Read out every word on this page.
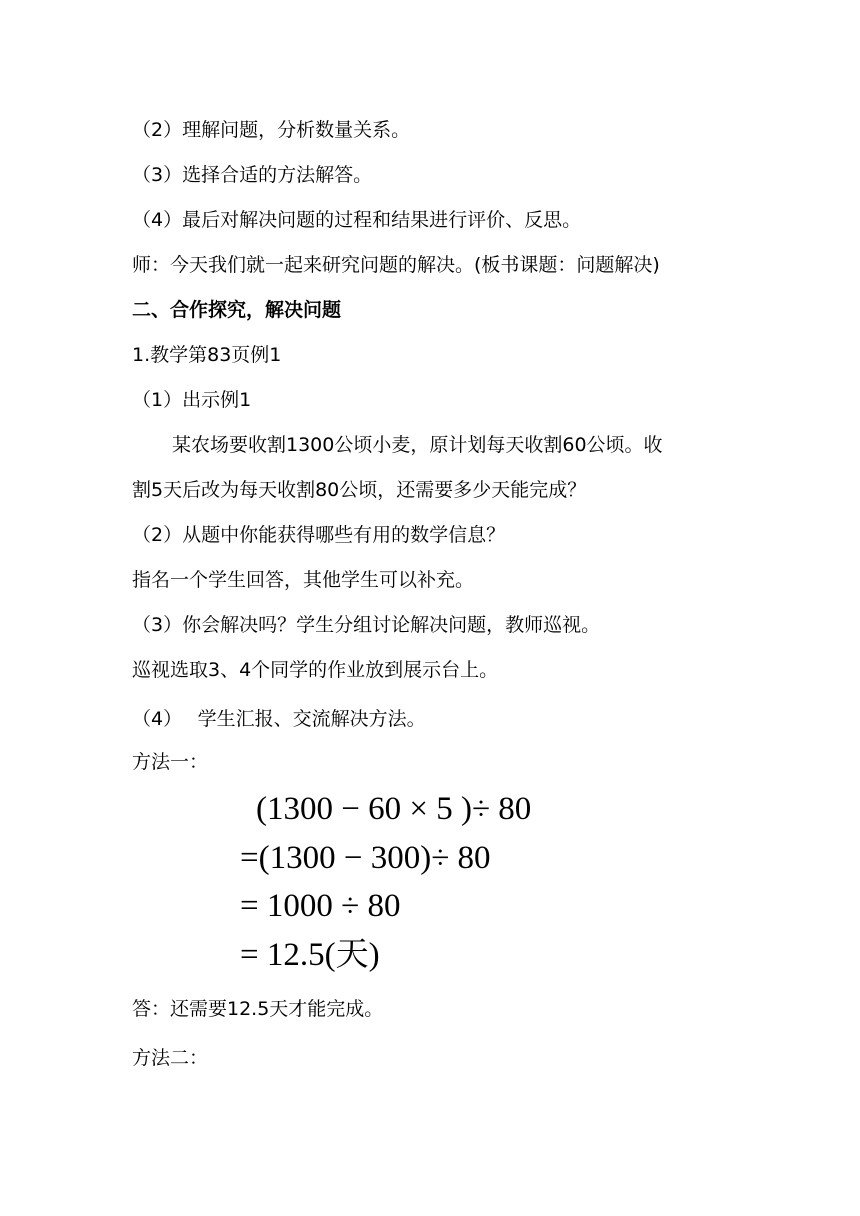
（2）理解问题，分析数量关系。
（3）选择合适的方法解答。
（4）最后对解决问题的过程和结果进行评价、反思。
师：今天我们就一起来研究问题的解决。(板书课题：问题解决)
二、合作探究，解决问题
1.教学第83页例1
（1）出示例1
某农场要收割1300公顷小麦，原计划每天收割60公顷。收
割5天后改为每天收割80公顷，还需要多少天能完成？
（2）从题中你能获得哪些有用的数学信息？
指名一个学生回答，其他学生可以补充。
（3）你会解决吗？学生分组讨论解决问题，教师巡视。
巡视选取3、4个同学的作业放到展示台上。
（4）　 学生汇报、交流解决方法。
方法一：
(1300 − 60 × 5 )÷ 80
=(1300 − 300)÷ 80
= 1000 ÷ 80
= 12.5(天)
答：还需要12.5天才能完成。
方法二：
